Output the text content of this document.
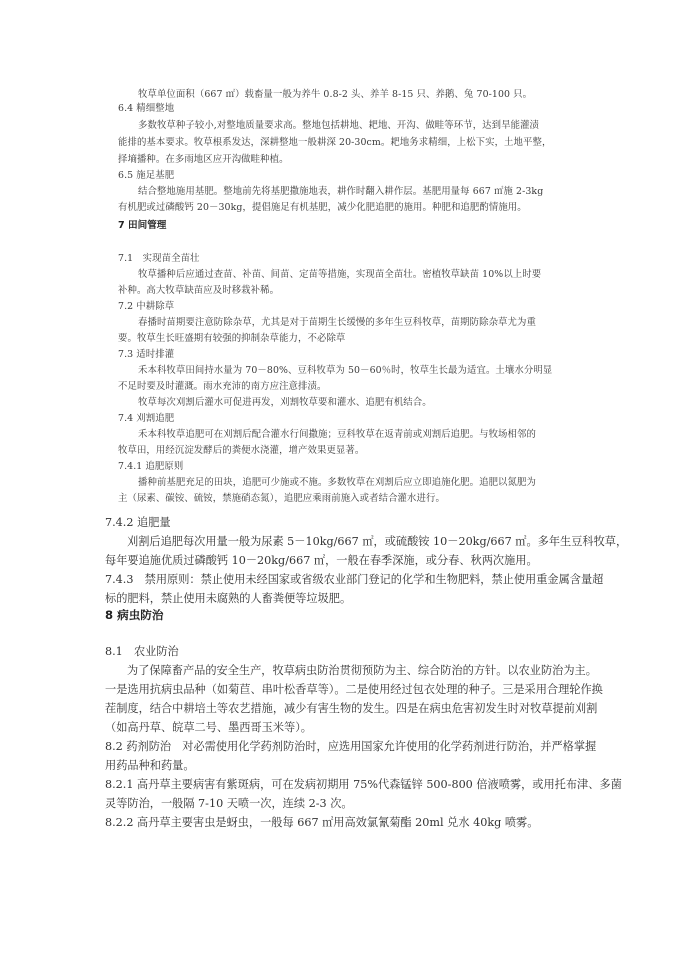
牧草单位面积（667 ㎡）载畜量一般为养牛 0.8-2 头、养羊 8-15 只、养鹅、兔 70-100 只。
6.4 精细整地
多数牧草种子较小,对整地质量要求高。整地包括耕地、耙地、开沟、做畦等环节，达到旱能灌渍
能排的基本要求。牧草根系发达，深耕整地一般耕深 20-30cm。耙地务求精细，上松下实，土地平整，
择墒播种。在多雨地区应开沟做畦种植。
6.5 施足基肥
结合整地施用基肥。整地前先将基肥撒施地表，耕作时翻入耕作层。基肥用量每 667 ㎡施 2-3kg
有机肥或过磷酸钙 20－30kg，提倡施足有机基肥，减少化肥追肥的施用。种肥和追肥酌情施用。
7 田间管理
7.1　实现苗全苗壮
牧草播种后应通过查苗、补苗、间苗、定苗等措施，实现苗全苗壮。密植牧草缺苗 10%以上时要
补种。高大牧草缺苗应及时移栽补稀。
7.2 中耕除草
春播时苗期要注意防除杂草，尤其是对于苗期生长缓慢的多年生豆科牧草，苗期防除杂草尤为重
要。牧草生长旺盛期有较强的抑制杂草能力，不必除草
7.3 适时排灌
禾本科牧草田间持水量为 70－80%、豆科牧草为 50－60％时，牧草生长最为适宜。土壤水分明显
不足时要及时灌溉。雨水充沛的南方应注意排渍。
牧草每次刈割后灌水可促进再发，刈割牧草要和灌水、追肥有机结合。
7.4 刈割追肥
禾本科牧草追肥可在刈割后配合灌水行间撒施；豆科牧草在返青前或刈割后追肥。与牧场相邻的
牧草田，用经沉淀发酵后的粪便水浇灌，增产效果更显著。
7.4.1 追肥原则
播种前基肥充足的田块，追肥可少施或不施。多数牧草在刈割后应立即追施化肥。追肥以氮肥为
主（尿素、碳铵、硫铵，禁施硝态氮），追肥应乘雨前施入或者结合灌水进行。
7.4.2 追肥量
刈割后追肥每次用量一般为尿素 5－10kg/667 ㎡，或硫酸铵 10－20kg/667 ㎡。多年生豆科牧草，
每年要追施优质过磷酸钙 10－20kg/667 ㎡，一般在春季深施，或分春、秋两次施用。
7.4.3　禁用原则：禁止使用未经国家或省级农业部门登记的化学和生物肥料，禁止使用重金属含量超
标的肥料，禁止使用未腐熟的人畜粪便等垃圾肥。
8 病虫防治
8.1　农业防治
为了保障畜产品的安全生产，牧草病虫防治贯彻预防为主、综合防治的方针。以农业防治为主。
一是选用抗病虫品种（如菊苣、串叶松香草等）。二是使用经过包衣处理的种子。三是采用合理轮作换
茬制度，结合中耕培土等农艺措施，减少有害生物的发生。四是在病虫危害初发生时对牧草提前刈割
（如高丹草、皖草二号、墨西哥玉米等）。
8.2 药剂防治　对必需使用化学药剂防治时，应选用国家允许使用的化学药剂进行防治，并严格掌握
用药品种和药量。
8.2.1 高丹草主要病害有紫斑病，可在发病初期用 75%代森锰锌 500-800 倍液喷雾，或用托布津、多菌
灵等防治，一般隔 7-10 天喷一次，连续 2-3 次。
8.2.2 高丹草主要害虫是蚜虫，一般每 667 ㎡用高效氯氰菊酯 20ml 兑水 40kg 喷雾。
